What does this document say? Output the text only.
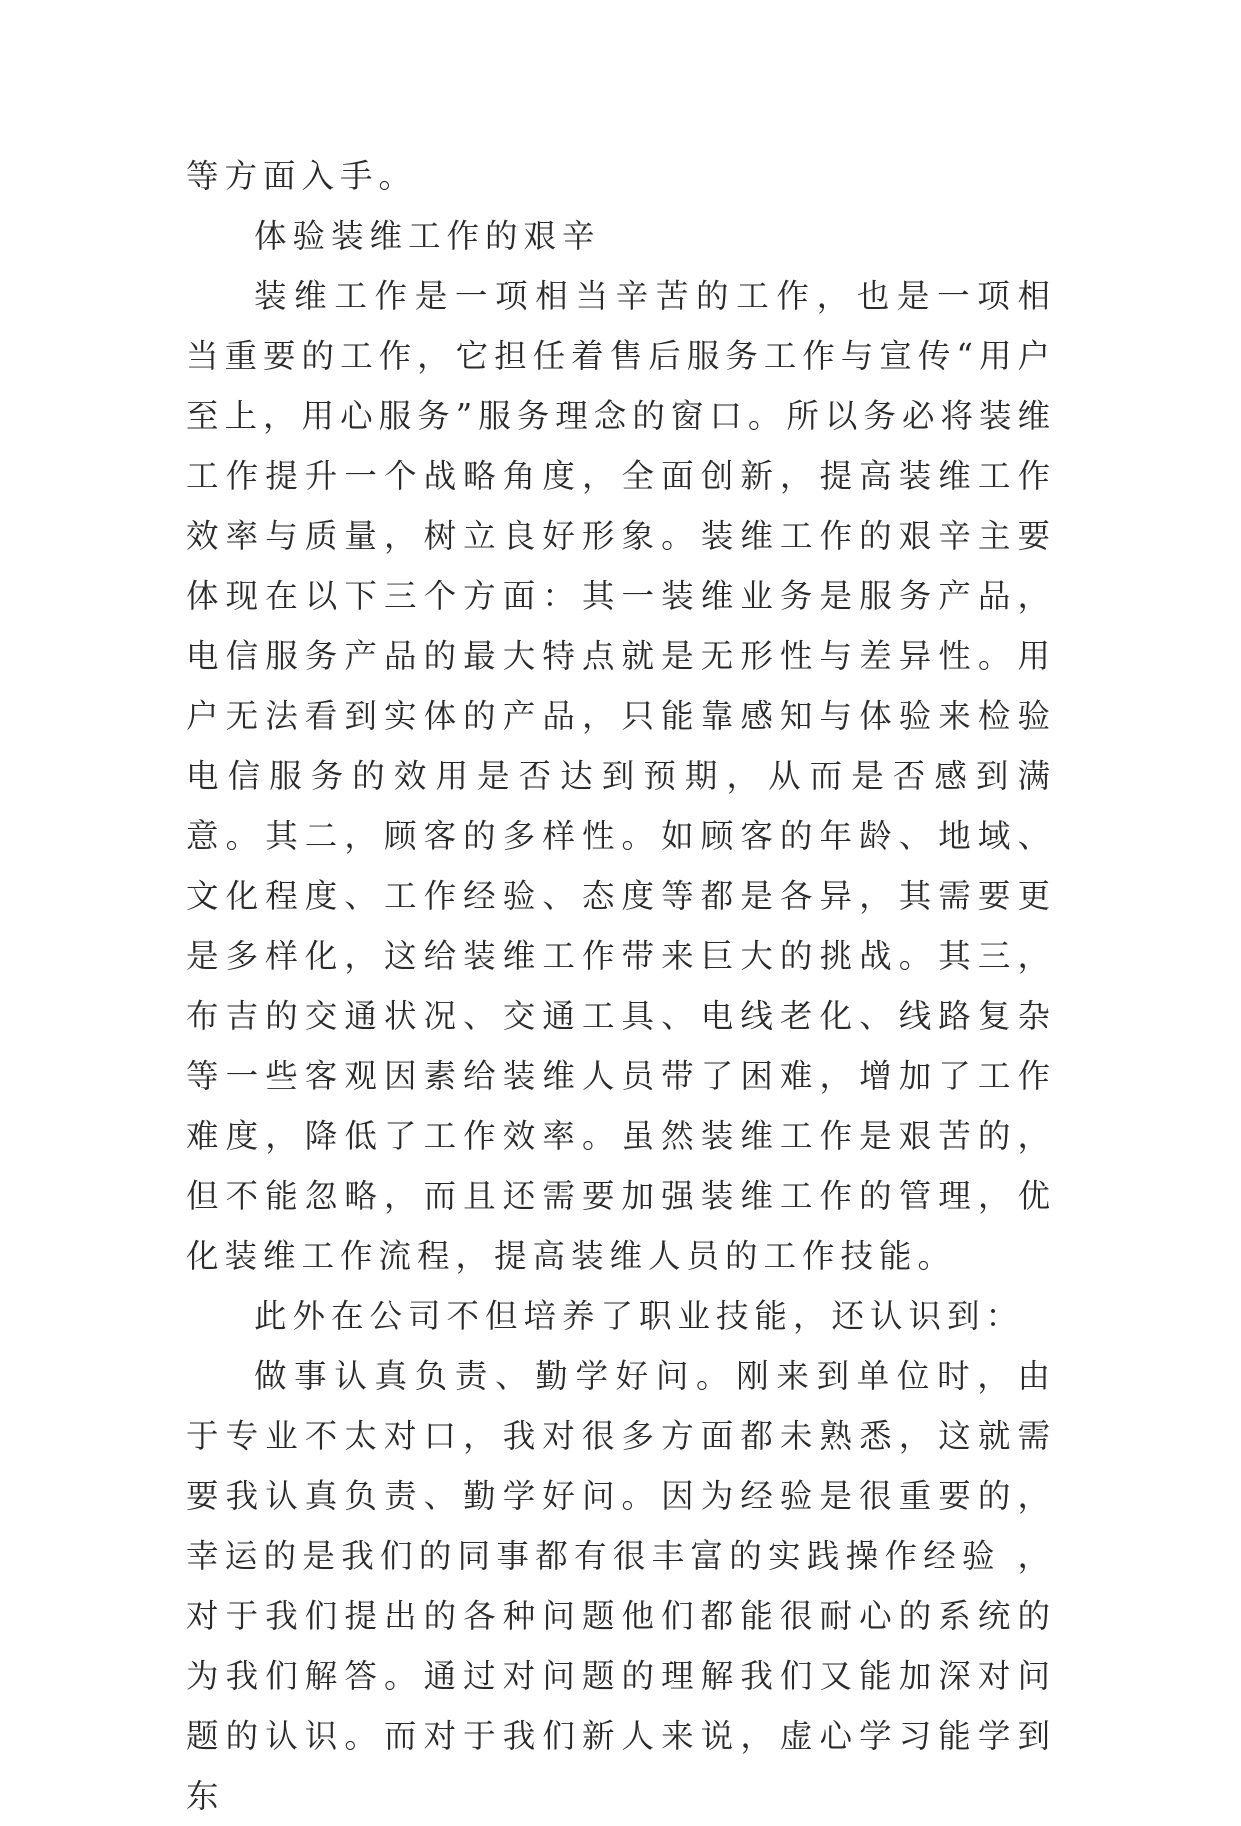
等方面入手。

体验装维工作的艰辛

装维工作是一项相当辛苦的工作，也是一项相当重要的工作，它担任着售后服务工作与宣传“用户至上，用心服务”服务理念的窗口。所以务必将装维工作提升一个战略角度，全面创新，提高装维工作效率与质量，树立良好形象。装维工作的艰辛主要体现在以下三个方面：其一装维业务是服务产品，电信服务产品的最大特点就是无形性与差异性。用户无法看到实体的产品，只能靠感知与体验来检验电信服务的效用是否达到预期，从而是否感到满意。其二，顾客的多样性。如顾客的年龄、地域、文化程度、工作经验、态度等都是各异，其需要更是多样化，这给装维工作带来巨大的挑战。其三，布吉的交通状况、交通工具、电线老化、线路复杂等一些客观因素给装维人员带了困难，增加了工作难度，降低了工作效率。虽然装维工作是艰苦的，但不能忽略，而且还需要加强装维工作的管理，优化装维工作流程，提高装维人员的工作技能。

此外在公司不但培养了职业技能，还认识到：

做事认真负责、勤学好问。刚来到单位时，由于专业不太对口，我对很多方面都未熟悉，这就需要我认真负责、勤学好问。因为经验是很重要的，幸运的是我们的同事都有很丰富的实践操作经验 ，对于我们提出的各种问题他们都能很耐心的系统的为我们解答。通过对问题的理解我们又能加深对问题的认识。而对于我们新人来说，虚心学习能学到东
